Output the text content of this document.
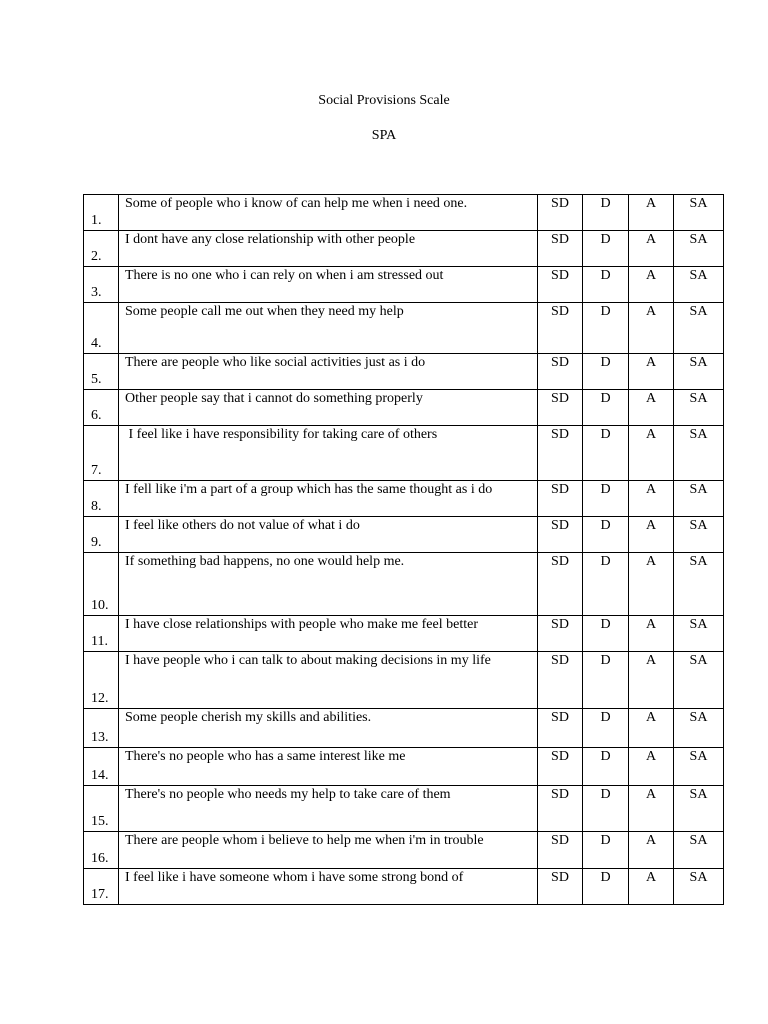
Social Provisions Scale
SPA
1.	Some of people who i know of can help me when i need one.	SD	D	A	SA

2.	I dont have any close relationship with other people	SD	D	A	SA

3.	There is no one who i can rely on when i am stressed out	SD	D	A	SA

4.	Some people call me out when they need my help	SD	D	A	SA

5.	There are people who like social activities just as i do	SD	D	A	SA

6.	Other people say that i cannot do something properly	SD	D	A	SA

7.	I feel like i have responsibility for taking care of others	SD	D	A	SA

8.	I fell like i'm a part of a group which has the same thought as i do	SD	D	A	SA

9.	I feel like others do not value of what i do	SD	D	A	SA

10.	If something bad happens, no one would help me.	SD	D	A	SA

11.	I have close relationships with people who make me feel better	SD	D	A	SA

12.	I have people who i can talk to about making decisions in my life	SD	D	A	SA

13.	Some people cherish my skills and abilities.	SD	D	A	SA

14.	There's no people who has a same interest like me	SD	D	A	SA

15.	There's no people who needs my help to take care of them	SD	D	A	SA

16.	There are people whom i believe to help me when i'm in trouble	SD	D	A	SA

17.	I feel like i have someone whom i have some strong bond of	SD	D	A	SA
